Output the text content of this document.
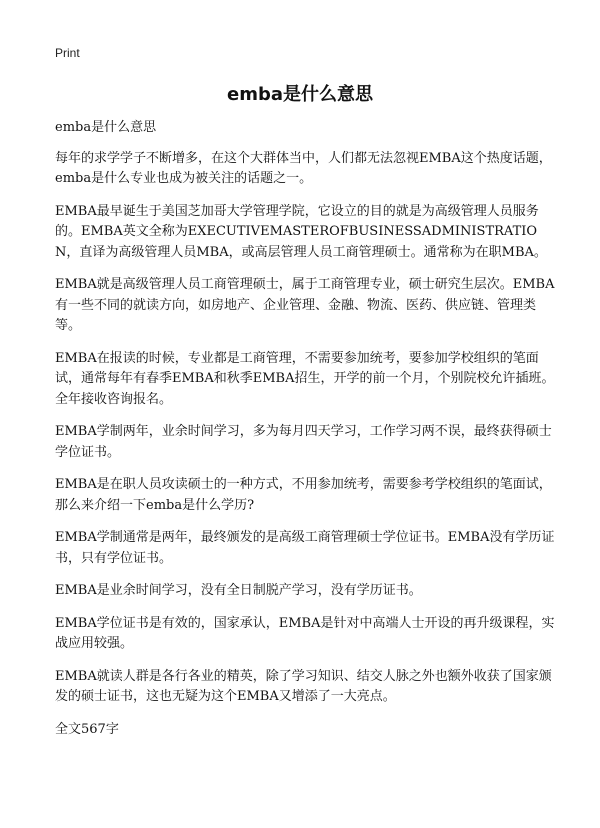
Print
emba是什么意思

emba是什么意思

每年的求学学子不断增多，在这个大群体当中，人们都无法忽视EMBA这个热度话题，emba是什么专业也成为被关注的话题之一。

EMBA最早诞生于美国芝加哥大学管理学院，它设立的目的就是为高级管理人员服务的。EMBA英文全称为EXECUTIVEMASTEROFBUSINESSADMINISTRATION，直译为高级管理人员MBA，或高层管理人员工商管理硕士。通常称为在职MBA。

EMBA就是高级管理人员工商管理硕士，属于工商管理专业，硕士研究生层次。EMBA有一些不同的就读方向，如房地产、企业管理、金融、物流、医药、供应链、管理类等。

EMBA在报读的时候，专业都是工商管理，不需要参加统考，要参加学校组织的笔面试，通常每年有春季EMBA和秋季EMBA招生，开学的前一个月，个别院校允许插班。全年接收咨询报名。

EMBA学制两年，业余时间学习，多为每月四天学习，工作学习两不误，最终获得硕士学位证书。

EMBA是在职人员攻读硕士的一种方式，不用参加统考，需要参考学校组织的笔面试，那么来介绍一下emba是什么学历?

EMBA学制通常是两年，最终颁发的是高级工商管理硕士学位证书。EMBA没有学历证书，只有学位证书。

EMBA是业余时间学习，没有全日制脱产学习，没有学历证书。

EMBA学位证书是有效的，国家承认，EMBA是针对中高端人士开设的再升级课程，实战应用较强。

EMBA就读人群是各行各业的精英，除了学习知识、结交人脉之外也额外收获了国家颁发的硕士证书，这也无疑为这个EMBA又增添了一大亮点。

全文567字
